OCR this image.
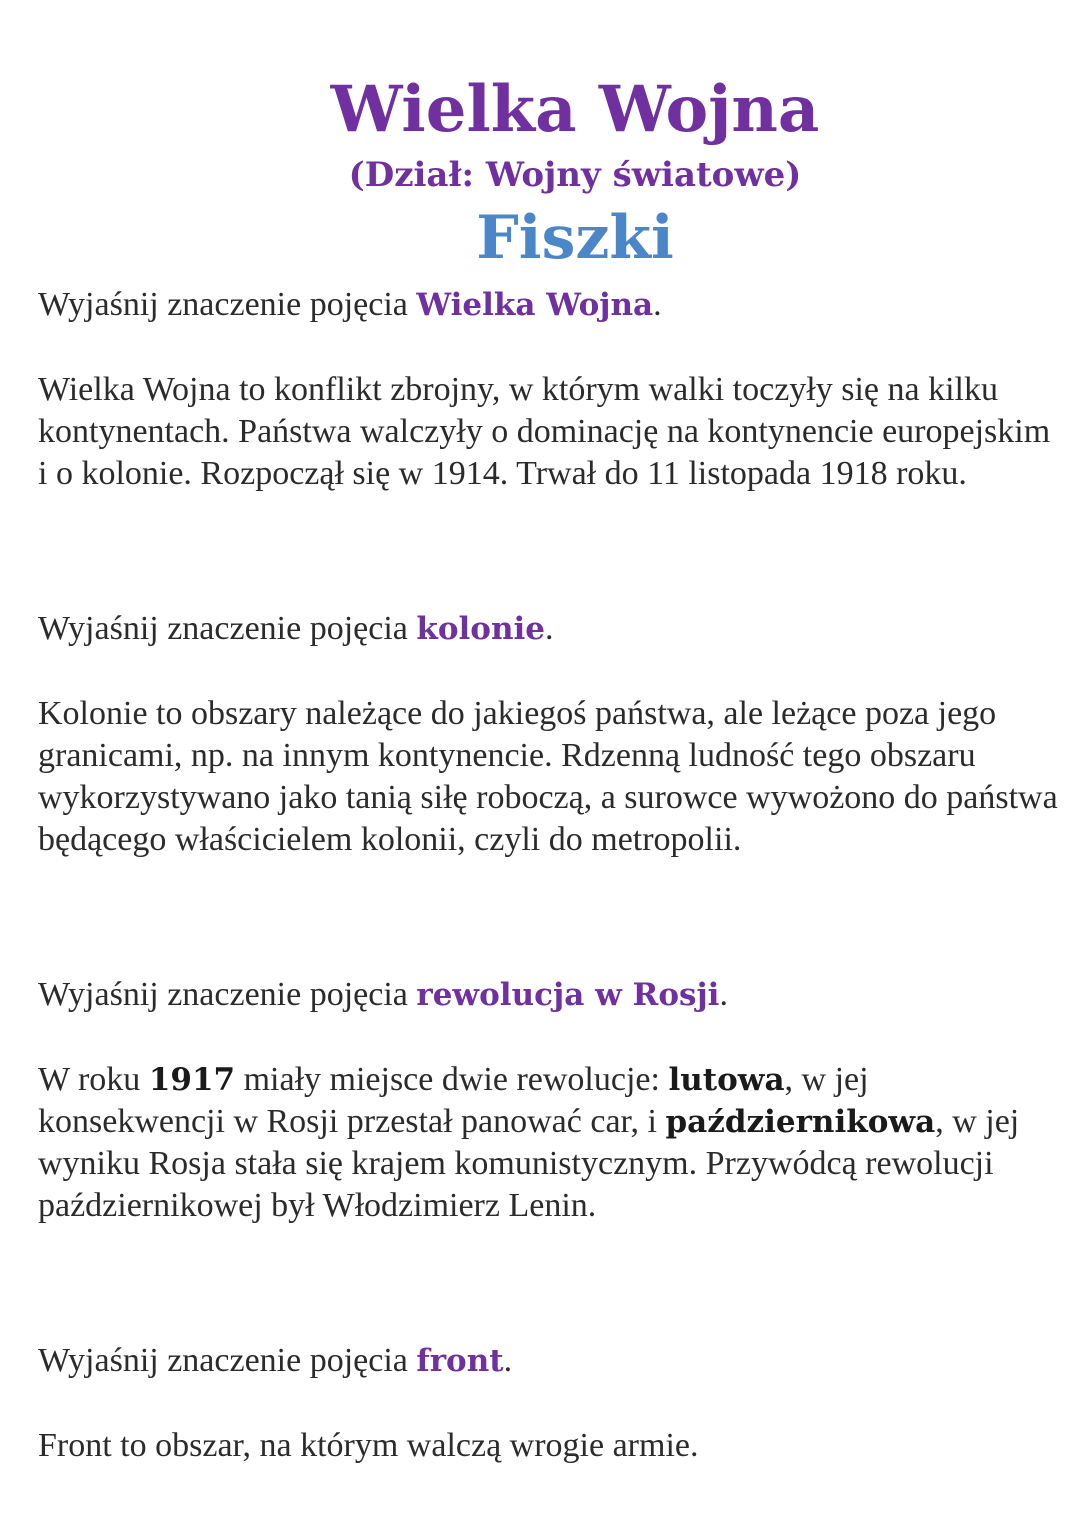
Wielka Wojna
(Dział: Wojny światowe)
Fiszki
Wyjaśnij znaczenie pojęcia Wielka Wojna.
Wielka Wojna to konflikt zbrojny, w którym walki toczyły się na kilku kontynentach. Państwa walczyły o dominację na kontynencie europejskim i o kolonie. Rozpoczął się w 1914. Trwał do 11 listopada 1918 roku.
Wyjaśnij znaczenie pojęcia kolonie.
Kolonie to obszary należące do jakiegoś państwa, ale leżące poza jego granicami, np. na innym kontynencie. Rdzenną ludność tego obszaru wykorzystywano jako tanią siłę roboczą, a surowce wywożono do państwa będącego właścicielem kolonii, czyli do metropolii.
Wyjaśnij znaczenie pojęcia rewolucja w Rosji.
W roku 1917 miały miejsce dwie rewolucje: lutowa, w jej konsekwencji w Rosji przestał panować car, i październikowa, w jej wyniku Rosja stała się krajem komunistycznym. Przywódcą rewolucji październikowej był Włodzimierz Lenin.
Wyjaśnij znaczenie pojęcia front.
Front to obszar, na którym walczą wrogie armie.
